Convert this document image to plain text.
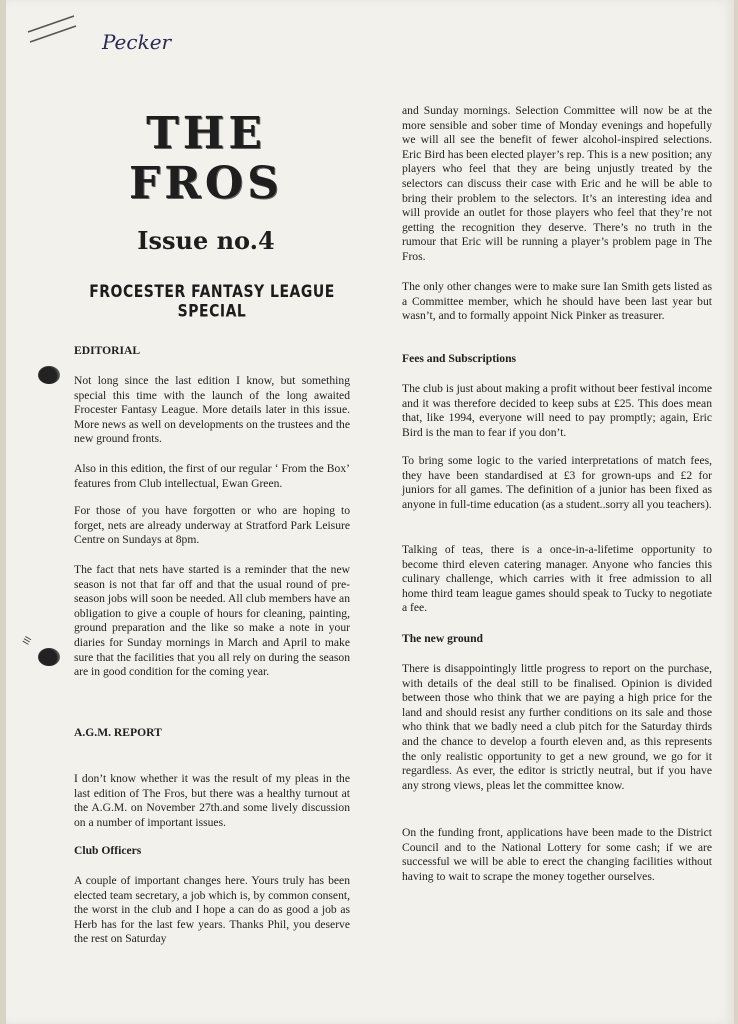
Pecker
III
THE
FROS
Issue no.4
FROCESTER FANTASY LEAGUE SPECIAL

EDITORIAL

Not long since the last edition I know, but something special this time with the launch of the long awaited Frocester Fantasy League. More details later in this issue. More news as well on developments on the trustees and the new ground fronts.

Also in this edition, the first of our regular ‘ From the Box’ features from Club intellectual, Ewan Green.

For those of you have forgotten or who are hoping to forget, nets are already underway at Stratford Park Leisure Centre on Sundays at 8pm.

The fact that nets have started is a reminder that the new season is not that far off and that the usual round of pre-season jobs will soon be needed. All club members have an obligation to give a couple of hours for cleaning, painting, ground preparation and the like so make a note in your diaries for Sunday mornings in March and April to make sure that the facilities that you all rely on during the season are in good condition for the coming year.

A.G.M. REPORT

I don’t know whether it was the result of my pleas in the last edition of The Fros, but there was a healthy turnout at the A.G.M. on November 27th.and some lively discussion on a number of important issues.

Club Officers

A couple of important changes here. Yours truly has been elected team secretary, a job which is, by common consent, the worst in the club and I hope a can do as good a job as Herb has for the last few years. Thanks Phil, you deserve the rest on Saturday

and Sunday mornings. Selection Committee will now be at the more sensible and sober time of Monday evenings and hopefully we will all see the benefit of fewer alcohol-inspired selections. Eric Bird has been elected player’s rep. This is a new position; any players who feel that they are being unjustly treated by the selectors can discuss their case with Eric and he will be able to bring their problem to the selectors. It’s an interesting idea and will provide an outlet for those players who feel that they’re not getting the recognition they deserve. There’s no truth in the rumour that Eric will be running a player’s problem page in The Fros.

The only other changes were to make sure Ian Smith gets listed as a Committee member, which he should have been last year but wasn’t, and to formally appoint Nick Pinker as treasurer.

Fees and Subscriptions

The club is just about making a profit without beer festival income and it was therefore decided to keep subs at £25. This does mean that, like 1994, everyone will need to pay promptly; again, Eric Bird is the man to fear if you don’t.

To bring some logic to the varied interpretations of match fees, they have been standardised at £3 for grown-ups and £2 for juniors for all games. The definition of a junior has been fixed as anyone in full-time education (as a student..sorry all you teachers).

Talking of teas, there is a once-in-a-lifetime opportunity to become third eleven catering manager. Anyone who fancies this culinary challenge, which carries with it free admission to all home third team league games should speak to Tucky to negotiate a fee.

The new ground

There is disappointingly little progress to report on the purchase, with details of the deal still to be finalised. Opinion is divided between those who think that we are paying a high price for the land and should resist any further conditions on its sale and those who think that we badly need a club pitch for the Saturday thirds and the chance to develop a fourth eleven and, as this represents the only realistic opportunity to get a new ground, we go for it regardless. As ever, the editor is strictly neutral, but if you have any strong views, pleas let the committee know.

On the funding front, applications have been made to the District Council and to the National Lottery for some cash; if we are successful we will be able to erect the changing facilities without having to wait to scrape the money together ourselves.
